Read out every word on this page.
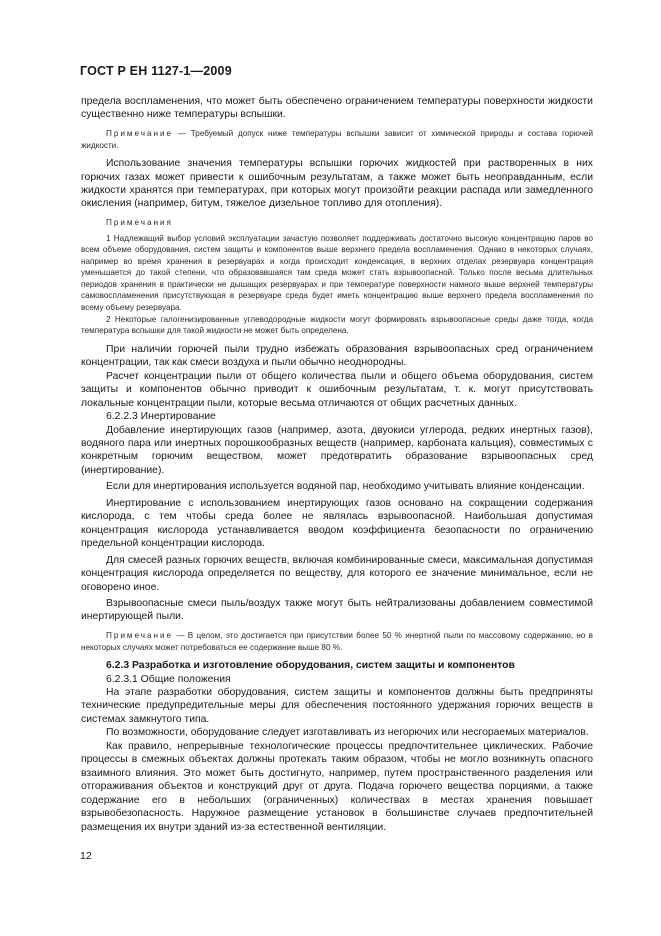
ГОСТ Р ЕН 1127-1—2009

предела воспламенения, что может быть обеспечено ограничением температуры поверхности жидкости существенно ниже температуры вспышки.

Примечание — Требуемый допуск ниже температуры вспышки зависит от химической природы и состава горючей жидкости.

Использование значения температуры вспышки горючих жидкостей при растворенных в них горючих газах может привести к ошибочным результатам, а также может быть неоправданным, если жидкости хранятся при температурах, при которых могут произойти реакции распада или замедленного окисления (например, битум, тяжелое дизельное топливо для отопления).

Примечания

1 Надлежащий выбор условий эксплуатации зачастую позволяет поддерживать достаточно высокую концентрацию паров во всем объеме оборудования, систем защиты и компонентов выше верхнего предела воспламенения. Однако в некоторых случаях, например во время хранения в резервуарах и когда происходит конденсация, в верхних отделах резервуара концентрация уменьшается до такой степени, что образовавшаяся там среда может стать взрывоопасной. Только после весьма длительных периодов хранения в практически не дышащих резервуарах и при температуре поверхности намного выше верхней температуры самовоспламенения присутствующая в резервуаре среда будет иметь концентрацию выше верхнего предела воспламенения по всему объему резервуара.

2 Некоторые галогенизированные углеводородные жидкости могут формировать взрывоопасные среды даже тогда, когда температура вспышки для такой жидкости не может быть определена.

При наличии горючей пыли трудно избежать образования взрывоопасных сред ограничением концентрации, так как смеси воздуха и пыли обычно неоднородны.

Расчет концентрации пыли от общего количества пыли и общего объема оборудования, систем защиты и компонентов обычно приводит к ошибочным результатам, т. к. могут присутствовать локальные концентрации пыли, которые весьма отличаются от общих расчетных данных.

6.2.2.3 Инертирование

Добавление инертирующих газов (например, азота, двуокиси углерода, редких инертных газов), водяного пара или инертных порошкообразных веществ (например, карбоната кальция), совместимых с конкретным горючим веществом, может предотвратить образование взрывоопасных сред (инертирование).

Если для инертирования используется водяной пар, необходимо учитывать влияние конденсации.

Инертирование с использованием инертирующих газов основано на сокращении содержания кислорода, с тем чтобы среда более не являлась взрывоопасной. Наибольшая допустимая концентрация кислорода устанавливается вводом коэффициента безопасности по ограничению предельной концентрации кислорода.

Для смесей разных горючих веществ, включая комбинированные смеси, максимальная допустимая концентрация кислорода определяется по веществу, для которого ее значение минимальное, если не оговорено иное.

Взрывоопасные смеси пыль/воздух также могут быть нейтрализованы добавлением совместимой инертирующей пыли.

Примечание — В целом, это достигается при присутствии более 50 % инертной пыли по массовому содержанию, но в некоторых случаях может потребоваться ее содержание выше 80 %.

6.2.3 Разработка и изготовление оборудования, систем защиты и компонентов

6.2.3.1 Общие положения

На этапе разработки оборудования, систем защиты и компонентов должны быть предприняты технические предупредительные меры для обеспечения постоянного удержания горючих веществ в системах замкнутого типа.

По возможности, оборудование следует изготавливать из негорючих или несгораемых материалов.

Как правило, непрерывные технологические процессы предпочтительнее циклических. Рабочие процессы в смежных объектах должны протекать таким образом, чтобы не могло возникнуть опасного взаимного влияния. Это может быть достигнуто, например, путем пространственного разделения или отгораживания объектов и конструкций друг от друга. Подача горючего вещества порциями, а также содержание его в небольших (ограниченных) количествах в местах хранения повышает взрывобезопасность. Наружное размещение установок в большинстве случаев предпочтительней размещения их внутри зданий из-за естественной вентиляции.

12
